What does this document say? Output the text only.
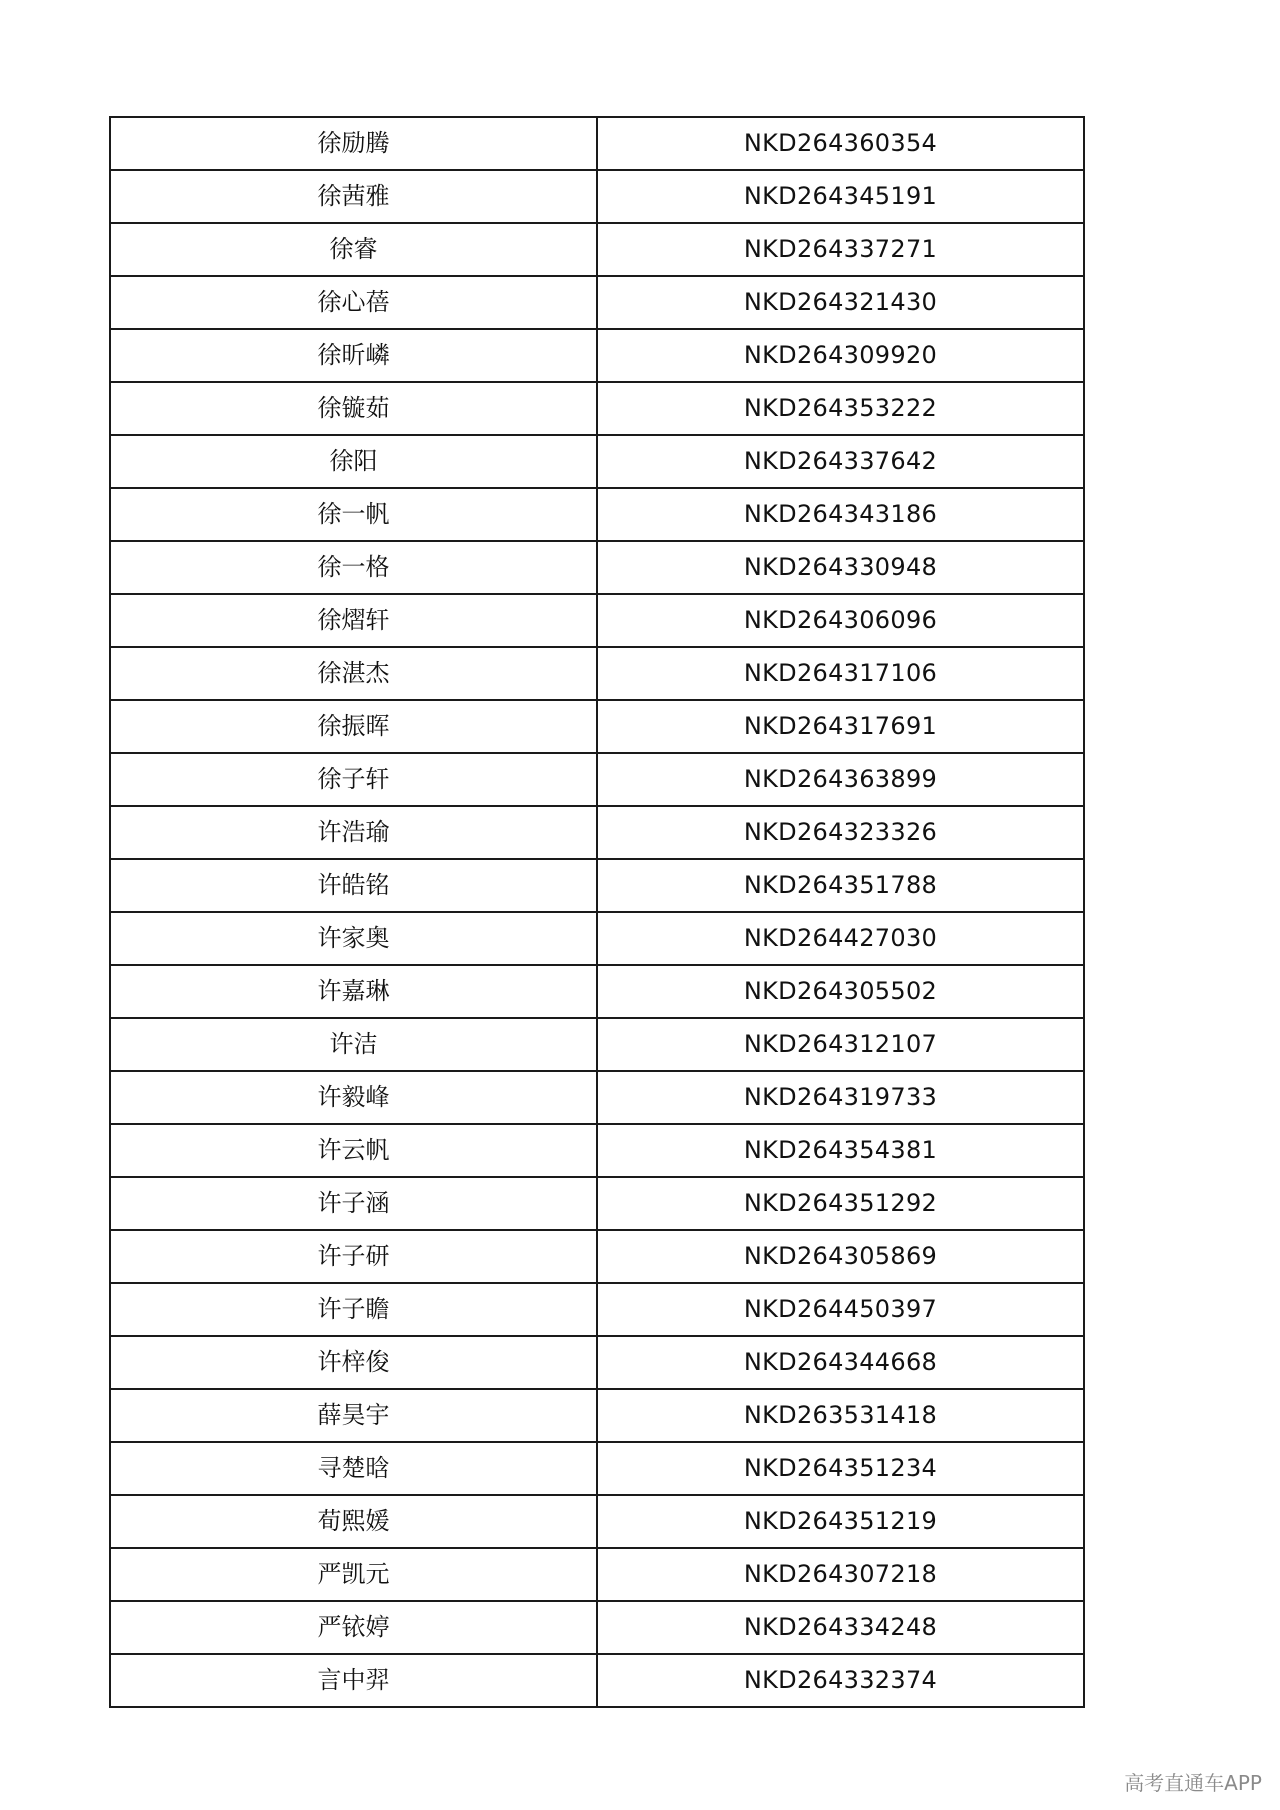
徐励腾	NKD264360354
徐茜雅	NKD264345191
徐睿	NKD264337271
徐心蓓	NKD264321430
徐昕嶙	NKD264309920
徐镟茹	NKD264353222
徐阳	NKD264337642
徐一帆	NKD264343186
徐一格	NKD264330948
徐熠轩	NKD264306096
徐湛杰	NKD264317106
徐振晖	NKD264317691
徐子轩	NKD264363899
许浩瑜	NKD264323326
许皓铭	NKD264351788
许家奥	NKD264427030
许嘉琳	NKD264305502
许洁	NKD264312107
许毅峰	NKD264319733
许云帆	NKD264354381
许子涵	NKD264351292
许子研	NKD264305869
许子瞻	NKD264450397
许梓俊	NKD264344668
薛昊宇	NKD263531418
寻楚晗	NKD264351234
荀熙媛	NKD264351219
严凯元	NKD264307218
严铱婷	NKD264334248
言中羿	NKD264332374
高考直通车APP
